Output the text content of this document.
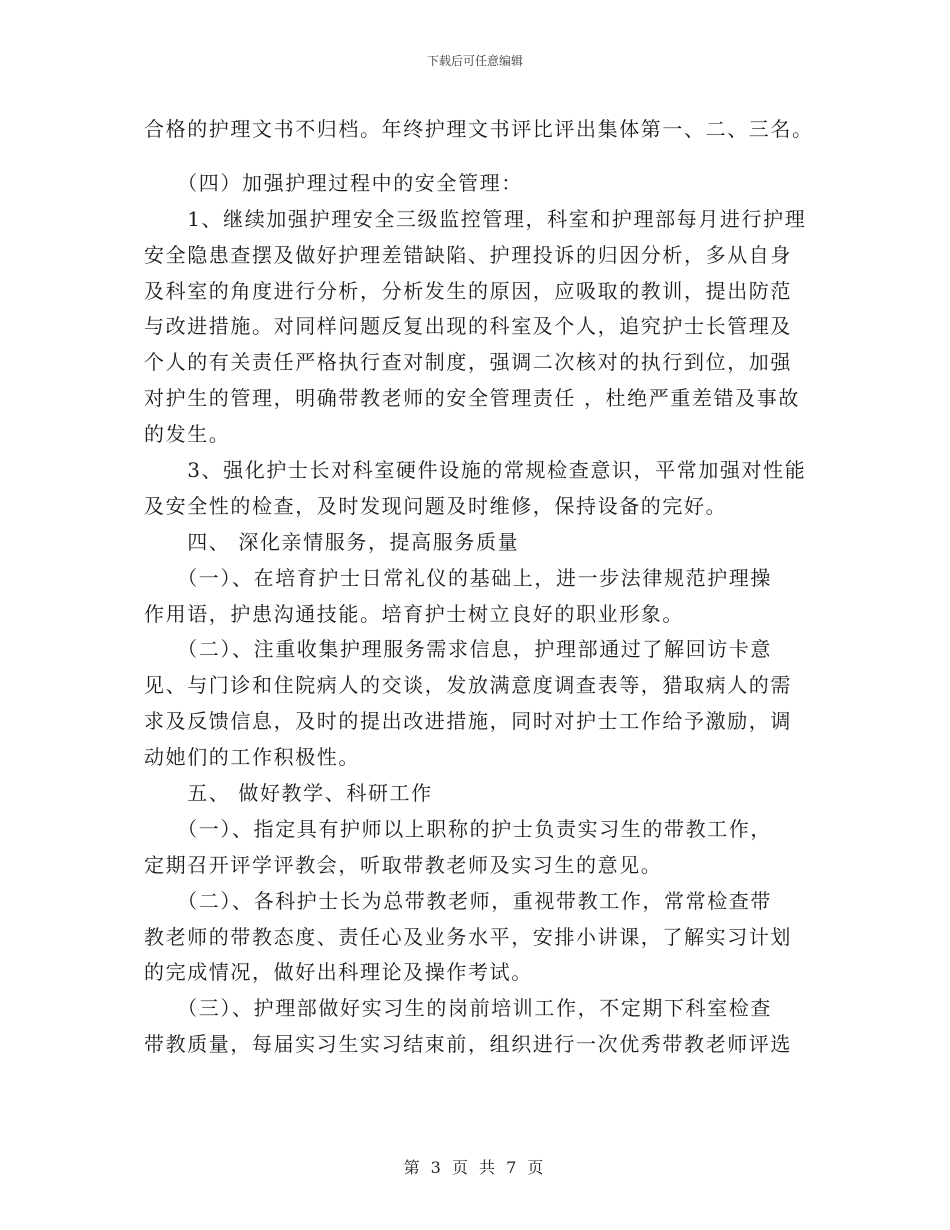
下载后可任意编辑
合格的护理文书不归档。年终护理文书评比评出集体第一、二、三名。
　　（四）加强护理过程中的安全管理：
　　1、继续加强护理安全三级监控管理，科室和护理部每月进行护理
安全隐患查摆及做好护理差错缺陷、护理投诉的归因分析，多从自身
及科室的角度进行分析，分析发生的原因，应吸取的教训，提出防范
与改进措施。对同样问题反复出现的科室及个人，追究护士长管理及
个人的有关责任严格执行查对制度，强调二次核对的执行到位，加强
对护生的管理，明确带教老师的安全管理责任 ，杜绝严重差错及事故
的发生。
　　3、强化护士长对科室硬件设施的常规检查意识，平常加强对性能
及安全性的检查，及时发现问题及时维修，保持设备的完好。
　　四、 深化亲情服务，提高服务质量
　　（一）、在培育护士日常礼仪的基础上，进一步法律规范护理操
作用语，护患沟通技能。培育护士树立良好的职业形象。
　　（二）、注重收集护理服务需求信息，护理部通过了解回访卡意
见、与门诊和住院病人的交谈，发放满意度调查表等，猎取病人的需
求及反馈信息，及时的提出改进措施，同时对护士工作给予激励，调
动她们的工作积极性。
　　五、 做好教学、科研工作
　　（一）、指定具有护师以上职称的护士负责实习生的带教工作，
定期召开评学评教会，听取带教老师及实习生的意见。
　　（二）、各科护士长为总带教老师，重视带教工作，常常检查带
教老师的带教态度、责任心及业务水平，安排小讲课，了解实习计划
的完成情况，做好出科理论及操作考试。
　　（三）、护理部做好实习生的岗前培训工作，不定期下科室检查
带教质量，每届实习生实习结束前，组织进行一次优秀带教老师评选
第 3 页 共 7 页
